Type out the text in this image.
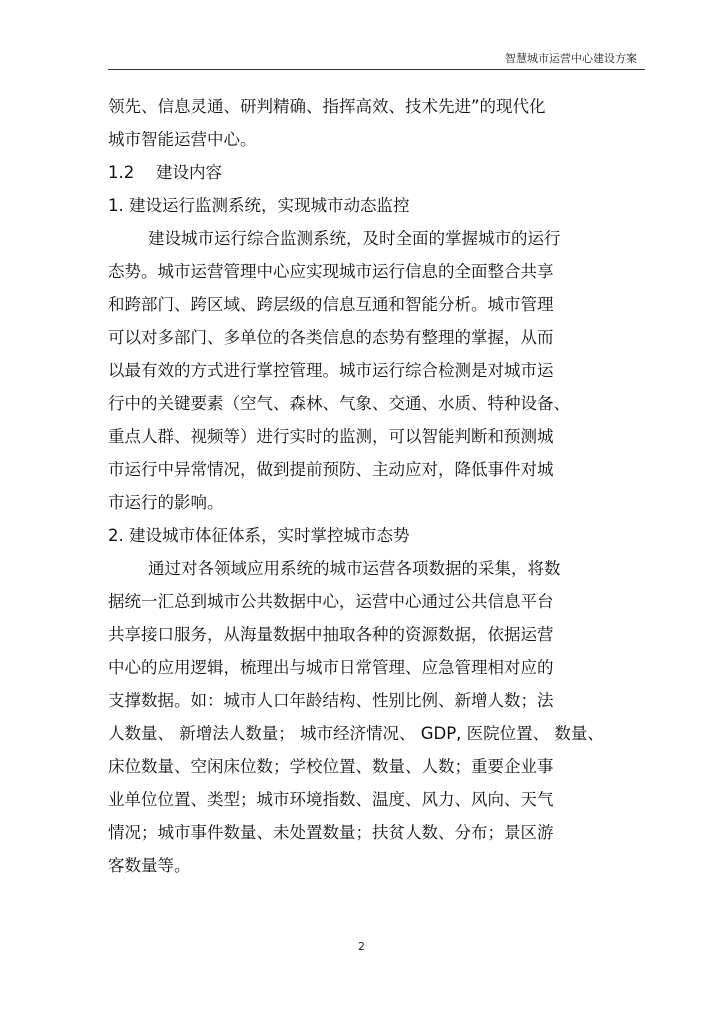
智慧城市运营中心建设方案
领先、信息灵通、研判精确、指挥高效、技术先进”的现代化
城市智能运营中心。
1.2 建设内容
1. 建设运行监测系统，实现城市动态监控
建设城市运行综合监测系统，及时全面的掌握城市的运行
态势。城市运营管理中心应实现城市运行信息的全面整合共享
和跨部门、跨区域、跨层级的信息互通和智能分析。城市管理
可以对多部门、多单位的各类信息的态势有整理的掌握，从而
以最有效的方式进行掌控管理。城市运行综合检测是对城市运
行中的关键要素（空气、森林、气象、交通、水质、特种设备、
重点人群、视频等）进行实时的监测，可以智能判断和预测城
市运行中异常情况，做到提前预防、主动应对，降低事件对城
市运行的影响。
2. 建设城市体征体系，实时掌控城市态势
通过对各领域应用系统的城市运营各项数据的采集，将数
据统一汇总到城市公共数据中心，运营中心通过公共信息平台
共享接口服务，从海量数据中抽取各种的资源数据，依据运营
中心的应用逻辑，梳理出与城市日常管理、应急管理相对应的
支撑数据。如：城市人口年龄结构、性别比例、新增人数；法
人数量、 新增法人数量； 城市经济情况、 GDP, 医院位置、 数量、
床位数量、空闲床位数；学校位置、数量、人数；重要企业事
业单位位置、类型；城市环境指数、温度、风力、风向、天气
情况；城市事件数量、未处置数量；扶贫人数、分布；景区游
客数量等。
2
